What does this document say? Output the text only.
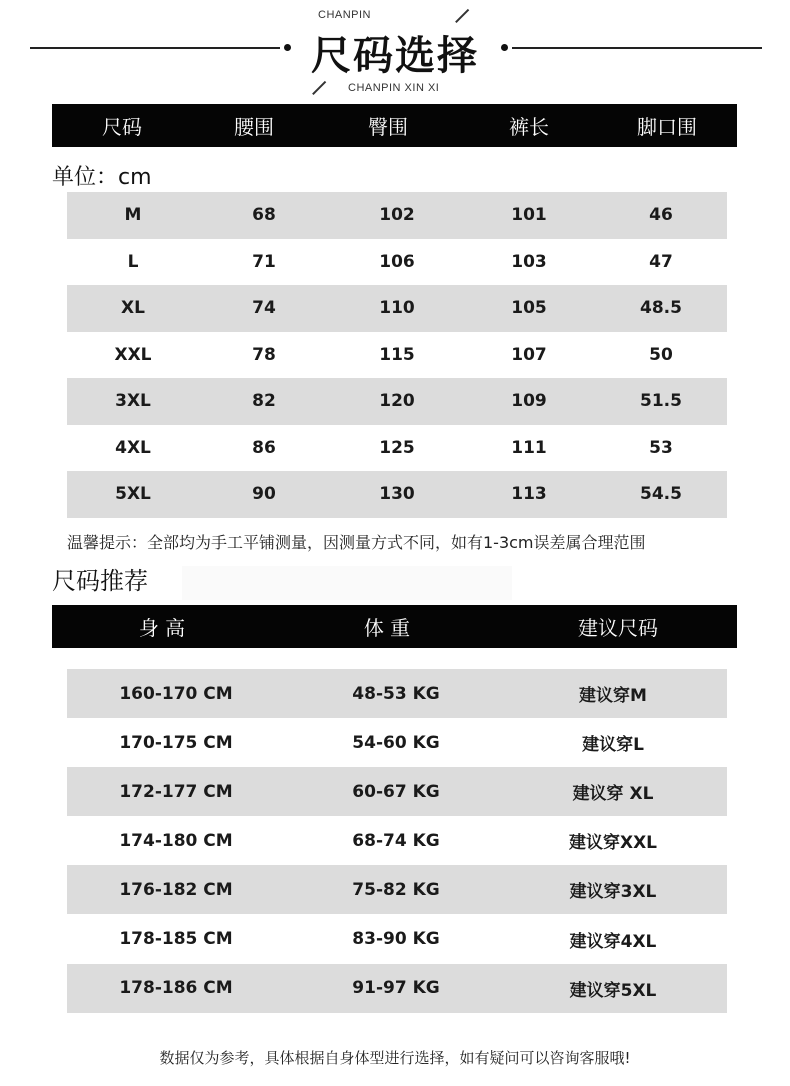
CHANPIN
尺码选择
CHANPIN XIN XI
尺码	腰围	臀围	裤长	脚口围
单位：cm
M	68	102	101	46
L	71	106	103	47
XL	74	110	105	48.5
XXL	78	115	107	50
3XL	82	120	109	51.5
4XL	86	125	111	53
5XL	90	130	113	54.5
温馨提示：全部均为手工平铺测量，因测量方式不同，如有1-3cm误差属合理范围
尺码推荐
身 高	体 重	建议尺码
160-170 CM	48-53 KG	建议穿M
170-175 CM	54-60 KG	建议穿L
172-177 CM	60-67 KG	建议穿 XL
174-180 CM	68-74 KG	建议穿XXL
176-182 CM	75-82 KG	建议穿3XL
178-185 CM	83-90 KG	建议穿4XL
178-186 CM	91-97 KG	建议穿5XL
数据仅为参考，具体根据自身体型进行选择，如有疑问可以咨询客服哦!
